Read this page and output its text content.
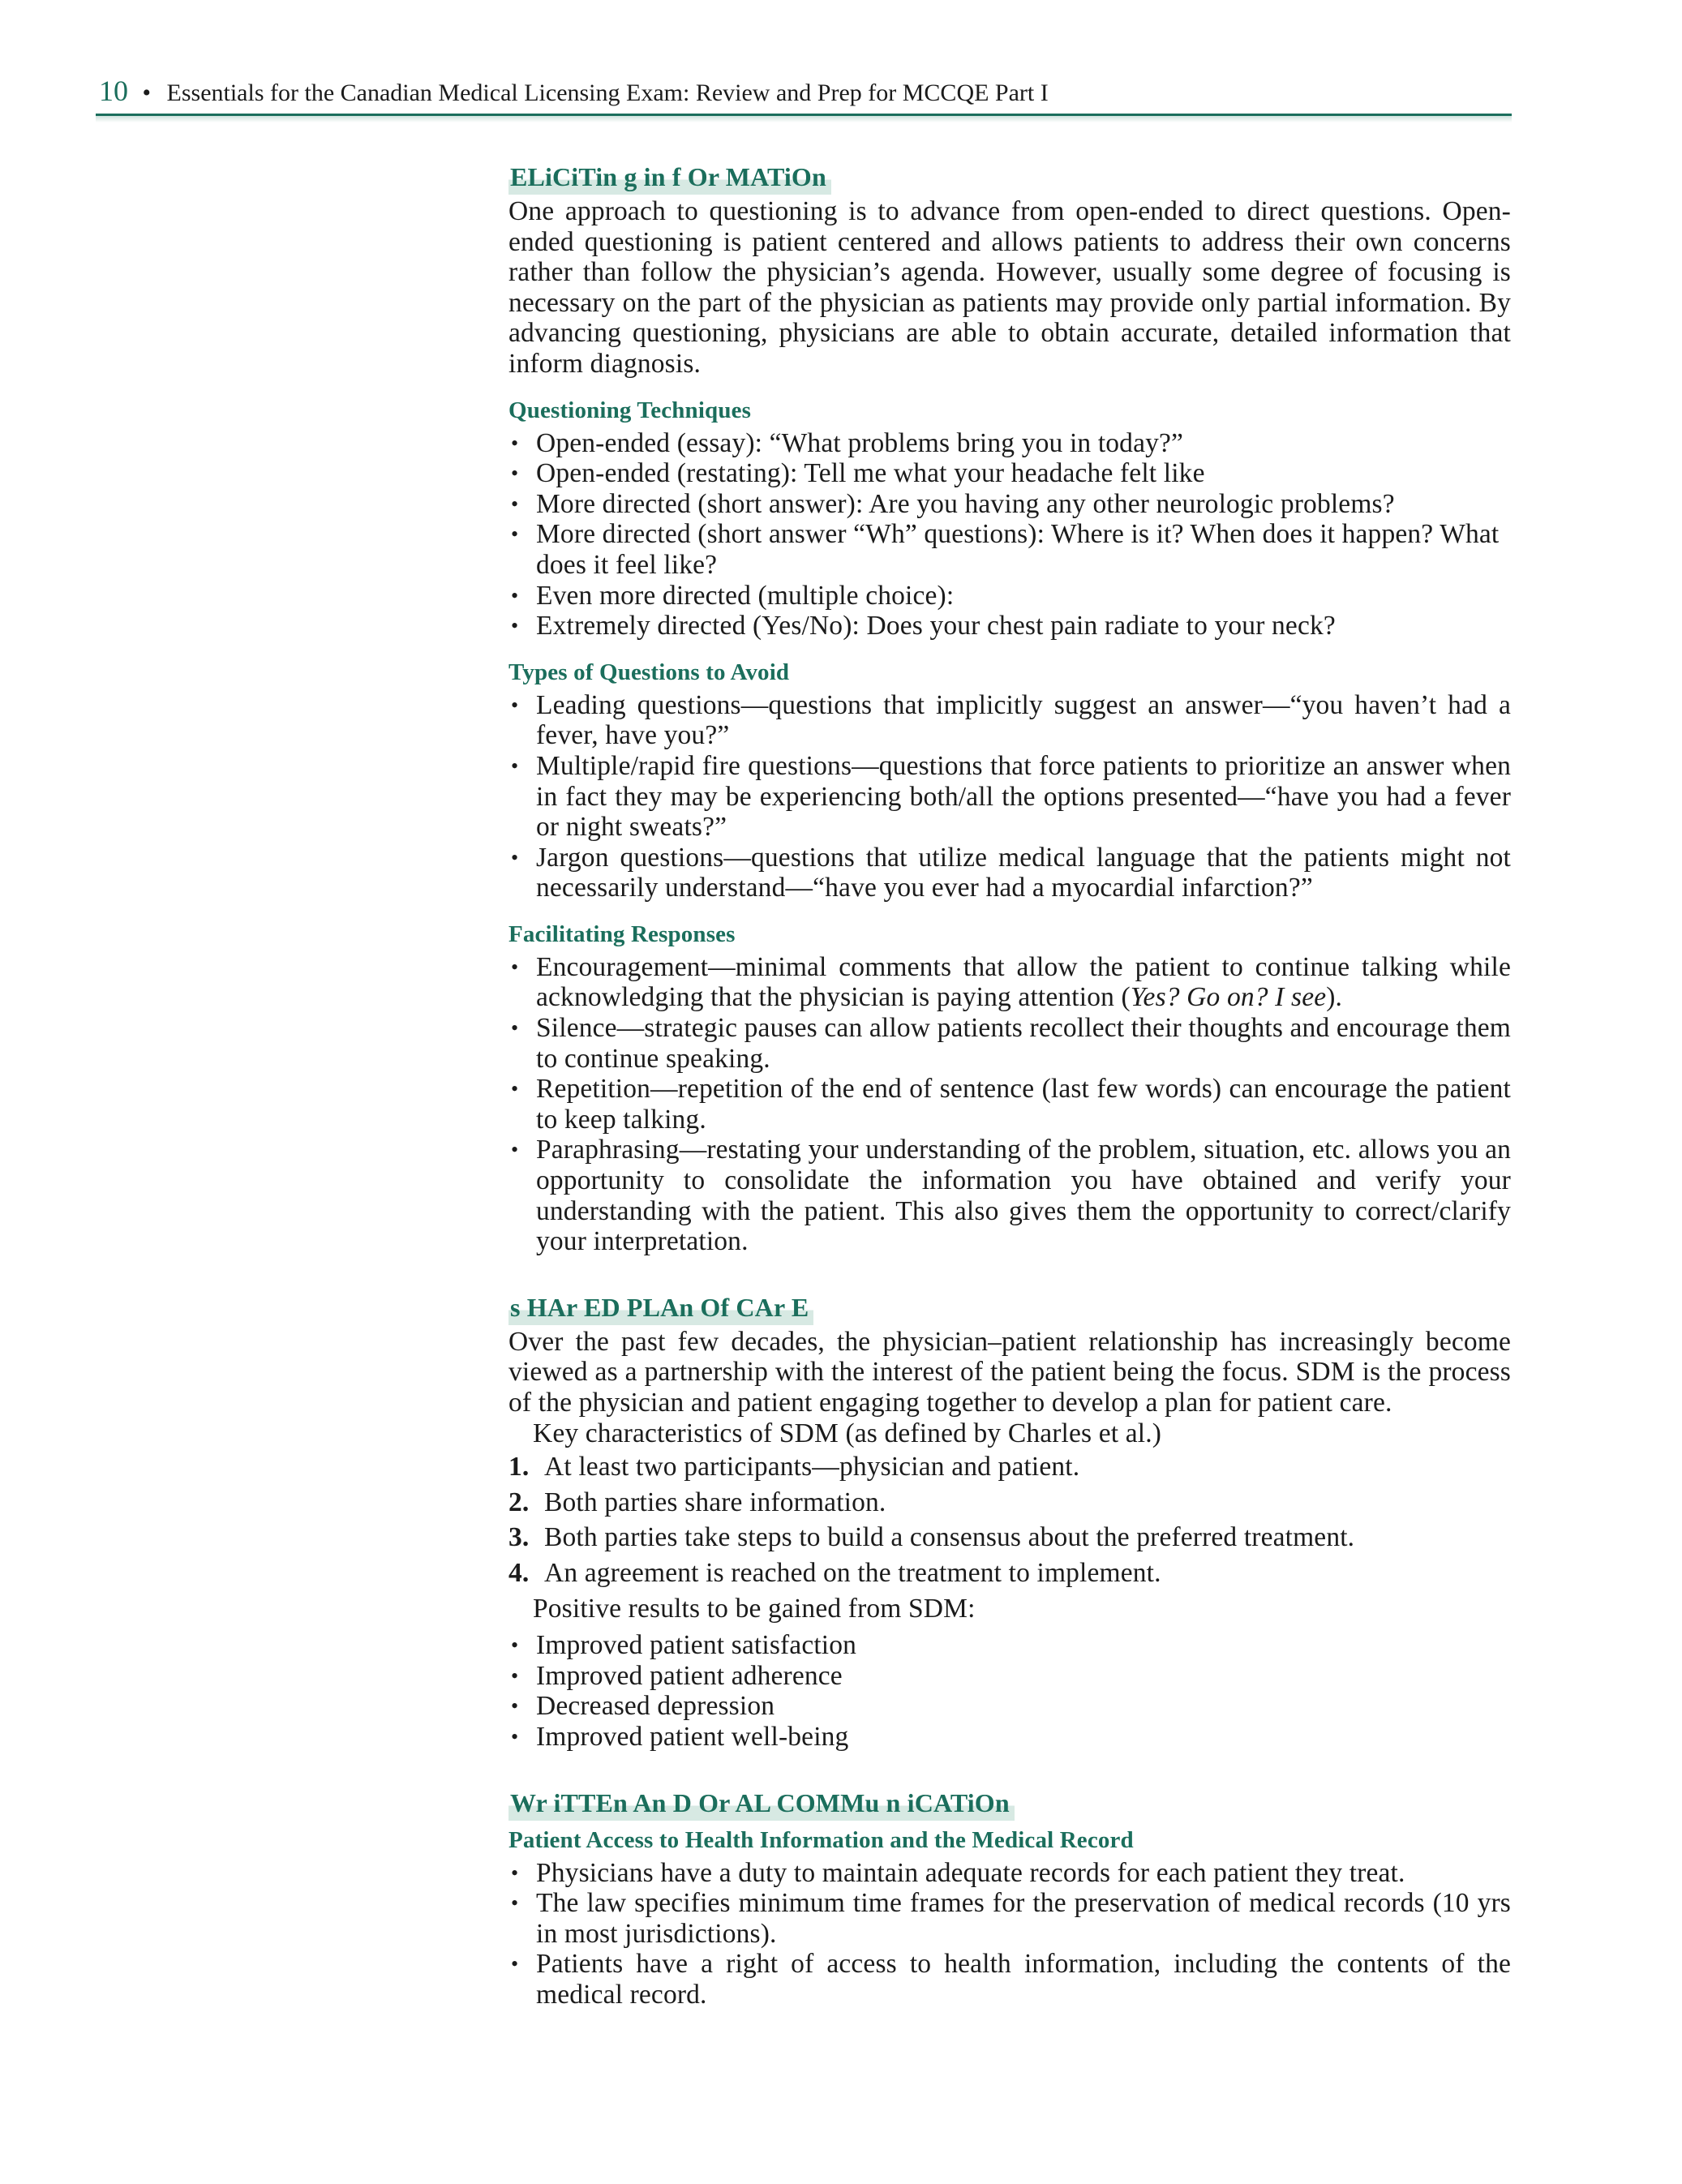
10 • Essentials for the Canadian Medical Licensing Exam: Review and Prep for MCCQE Part I
ELiCiTin g in f Or MATiOn

One approach to questioning is to advance from open-ended to direct questions. Open-ended questioning is patient centered and allows patients to address their own concerns rather than follow the physician’s agenda. However, usually some degree of focusing is necessary on the part of the physician as patients may provide only partial information. By advancing questioning, physicians are able to obtain accurate, detailed information that inform diagnosis.

Questioning Techniques
• Open-ended (essay): “What problems bring you in today?”
• Open-ended (restating): Tell me what your headache felt like
• More directed (short answer): Are you having any other neurologic problems?
• More directed (short answer “Wh” questions): Where is it? When does it happen? What does it feel like?
• Even more directed (multiple choice):
• Extremely directed (Yes/No): Does your chest pain radiate to your neck?
Types of Questions to Avoid
• Leading questions—questions that implicitly suggest an answer—“you haven’t had a fever, have you?”
• Multiple/rapid fire questions—questions that force patients to prioritize an answer when in fact they may be experiencing both/all the options presented—“have you had a fever or night sweats?”
• Jargon questions—questions that utilize medical language that the patients might not necessarily understand—“have you ever had a myocardial infarction?”
Facilitating Responses
• Encouragement—minimal comments that allow the patient to continue talking while acknowledging that the physician is paying attention (Yes? Go on? I see).
• Silence—strategic pauses can allow patients recollect their thoughts and encourage them to continue speaking.
• Repetition—repetition of the end of sentence (last few words) can encourage the patient to keep talking.
• Paraphrasing—restating your understanding of the problem, situation, etc. allows you an opportunity to consolidate the information you have obtained and verify your understanding with the patient. This also gives them the opportunity to correct/clarify your interpretation.
s HAr ED PLAn Of CAr E

Over the past few decades, the physician–patient relationship has increasingly become viewed as a partnership with the interest of the patient being the focus. SDM is the process of the physician and patient engaging together to develop a plan for patient care.

Key characteristics of SDM (as defined by Charles et al.)

1. At least two participants—physician and patient.
2. Both parties share information.
3. Both parties take steps to build a consensus about the preferred treatment.
4. An agreement is reached on the treatment to implement.

Positive results to be gained from SDM:

• Improved patient satisfaction
• Improved patient adherence
• Decreased depression
• Improved patient well-being
Wr iTTEn An D Or AL COMMu n iCATiOn
Patient Access to Health Information and the Medical Record
• Physicians have a duty to maintain adequate records for each patient they treat.
• The law specifies minimum time frames for the preservation of medical records (10 yrs in most jurisdictions).
• Patients have a right of access to health information, including the contents of the medical record.
